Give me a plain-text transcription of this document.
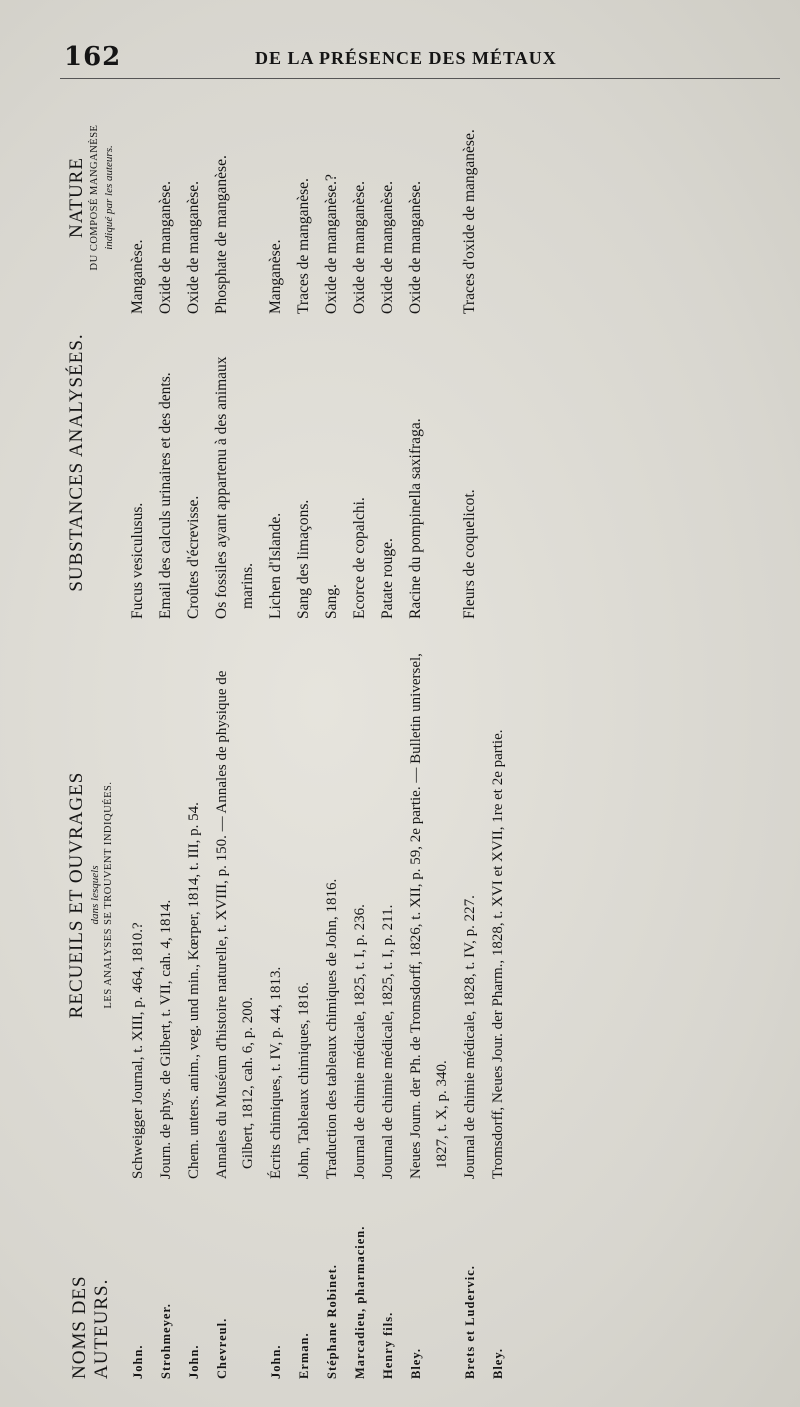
162	DE LA PRÉSENCE DES MÉTAUX
NOMS DES AUTEURS.	RECUEILS ET OUVRAGES dans lesquels LES ANALYSES SE TROUVENT INDIQUÉES.	SUBSTANCES ANALYSÉES.	NATURE DU COMPOSÉ MANGANÈSE indiqué par les auteurs.

John.	Schweigger Journal, t. XIII, p. 464, 1810.?	Fucus vesiculusus.	Manganèse.
Strohmeyer.	Journ. de phys. de Gilbert, t. VII, cah. 4, 1814.	Email des calculs urinaires et des dents.	Oxide de manganèse.
John.	Chem. unters. anim., veg. und min., Kœrper, 1814, t. III, p. 54.	Croûtes d'écrevisse.	Oxide de manganèse.
Chevreul.	Annales du Muséum d'histoire naturelle, t. XVIII, p. 150. — Annales de physique de Gilbert, 1812, cah. 6, p. 200.	Os fossiles ayant appartenu à des animaux marins.	Phosphate de manganèse.
John.	Écrits chimiques, t. IV, p. 44, 1813.	Lichen d'Islande.	Manganèse.
Erman.	John, Tableaux chimiques, 1816.	Sang des limaçons.	Traces de manganèse.
Stéphane Robinet.	Traduction des tableaux chimiques de John, 1816.	Sang.	Oxide de manganèse.?
Marcadieu, pharmacien.	Journal de chimie médicale, 1825, t. I, p. 236.	Ecorce de copalchi.	Oxide de manganèse.
Henry fils.	Journal de chimie médicale, 1825, t. I, p. 211.	Patate rouge.	Oxide de manganèse.
Bley.	Neues Journ. der Ph. de Tromsdorff, 1826, t. XII, p. 59, 2e partie. — Bulletin universel, 1827, t. X, p. 340.	Racine du pompinella saxifraga.	Oxide de manganèse.
Brets et Ludervic.	Journal de chimie médicale, 1828, t. IV, p. 227.	Fleurs de coquelicot.	Traces d'oxide de manganèse.
Bley.	Tromsdorff, Neues Jour. der Pharm., 1828, t. XVI et XVII, 1re et 2e partie.		
